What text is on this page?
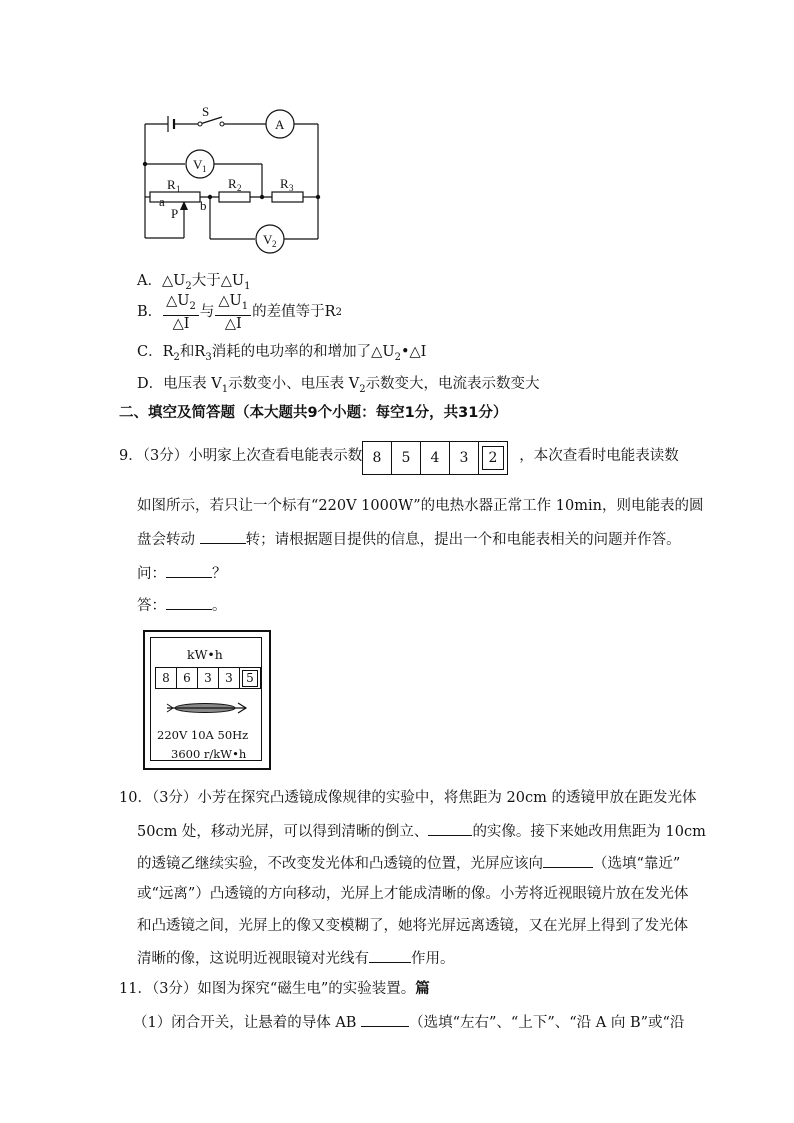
S
A
V 1
V 2
R 1	R 2	R 3
a	b
P
A．$\triangle U_2$大于$\triangle U_1$
B． $\frac{\triangle U_2}{\triangle I}$ 与 $\frac{\triangle U_1}{\triangle I}$ 的差值等于R 2
C．$R_2$和$R_3$消耗的电功率的和增加了$\triangle U_2•\triangle I$
D．电压表 $V_1$示数变小、电压表 $V_2$示数变大，电流表示数变大
二、填空及简答题（本大题共9个小题：每空1分，共31分）
9．（3分）小明家上次查看电能表示数	，本次查看时电能表读数
8	5	4	3	2
如图所示，若只让一个标有“220V 1000W”的电热水器正常工作 10min，则电能表的圆
盘会转动	转；请根据题目提供的信息，提出一个和电能表相关的问题并作答。
问：	？
答：	。
kW•h
8	6	3	3	5
220V 10A 50Hz
3600 r/kW•h
10．（3分）小芳在探究凸透镜成像规律的实验中，将焦距为 20cm 的透镜甲放在距发光体
50cm 处，移动光屏，可以得到清晰的倒立、	的实像。接下来她改用焦距为 10cm
的透镜乙继续实验，不改变发光体和凸透镜的位置，光屏应该向	（选填“靠近”
或“远离”）凸透镜的方向移动，光屏上才能成清晰的像。小芳将近视眼镜片放在发光体
和凸透镜之间，光屏上的像又变模糊了，她将光屏远离透镜，又在光屏上得到了发光体
清晰的像，这说明近视眼镜对光线有	作用。
11．（3分）如图为探究“磁生电”的实验装置。篇
（1）闭合开关，让悬着的导体 AB	（选填“左右”、“上下”、“沿 A 向 B”或“沿
